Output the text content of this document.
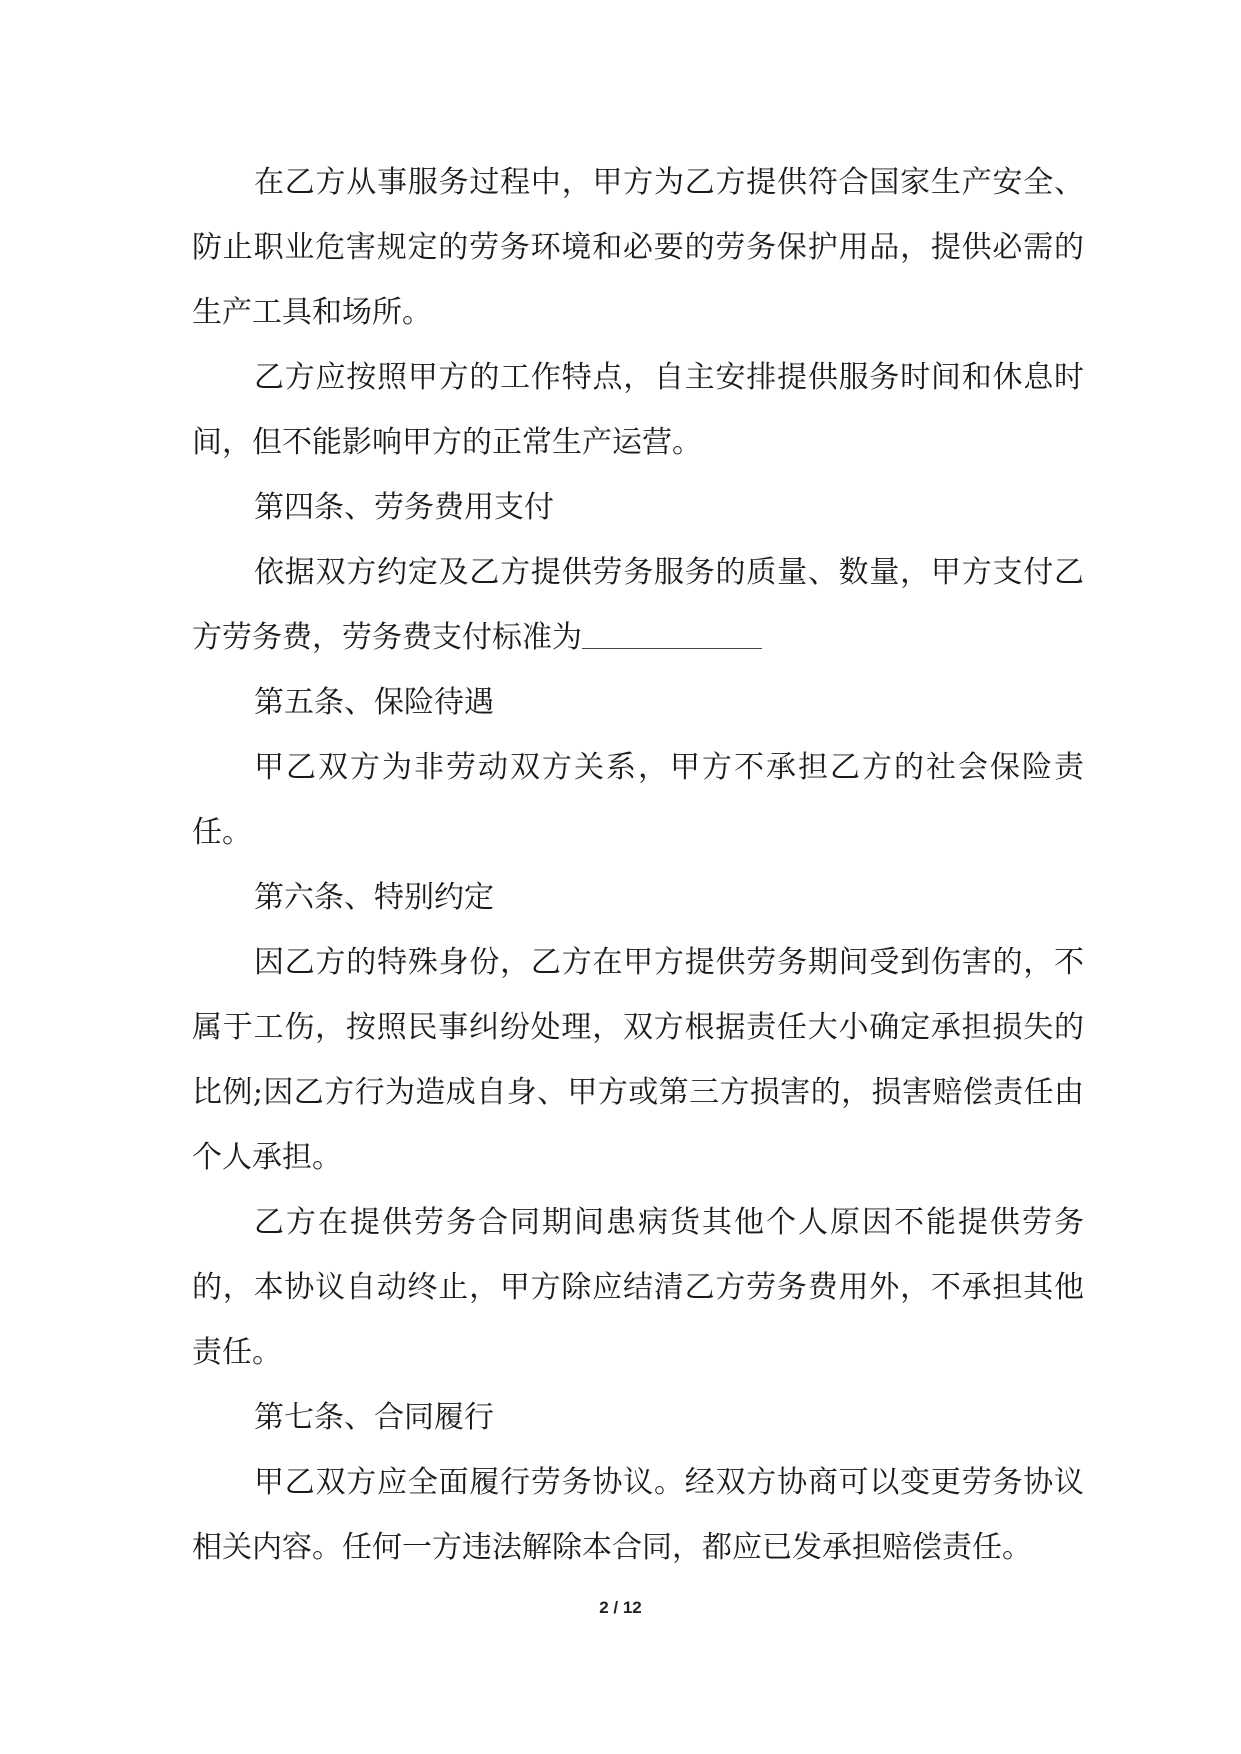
在乙方从事服务过程中，甲方为乙方提供符合国家生产安全、防止职业危害规定的劳务环境和必要的劳务保护用品，提供必需的生产工具和场所。

乙方应按照甲方的工作特点，自主安排提供服务时间和休息时间，但不能影响甲方的正常生产运营。

第四条、劳务费用支付

依据双方约定及乙方提供劳务服务的质量、数量，甲方支付乙方劳务费，劳务费支付标准为

第五条、保险待遇

甲乙双方为非劳动双方关系，甲方不承担乙方的社会保险责任。

第六条、特别约定

因乙方的特殊身份，乙方在甲方提供劳务期间受到伤害的，不属于工伤，按照民事纠纷处理，双方根据责任大小确定承担损失的比例;因乙方行为造成自身、甲方或第三方损害的，损害赔偿责任由个人承担。

乙方在提供劳务合同期间患病货其他个人原因不能提供劳务的，本协议自动终止，甲方除应结清乙方劳务费用外，不承担其他责任。

第七条、合同履行

甲乙双方应全面履行劳务协议。经双方协商可以变更劳务协议相关内容。任何一方违法解除本合同，都应已发承担赔偿责任。

2 / 12
